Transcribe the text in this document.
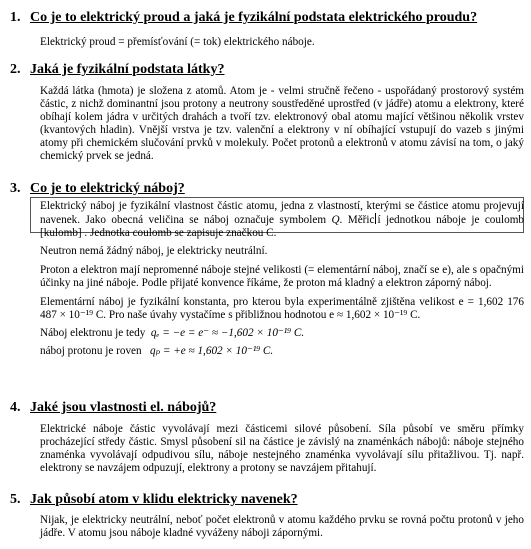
1. Co je to elektrický proud a jaká je fyzikální podstata elektrického proudu?

Elektrický proud = přemísťování (= tok) elektrického náboje.

2. Jaká je fyzikální podstata látky?

Každá látka (hmota) je složena z atomů. Atom je - velmi stručně řečeno - uspořádaný prostorový systém částic, z nichž dominantní jsou protony a neutrony soustředěné uprostřed (v jádře) atomu a elektrony, které obíhají kolem jádra v určitých drahách a tvoří tzv. elektronový obal atomu mající většinou několik vrstev (kvantových hladin). Vnější vrstva je tzv. valenční a elektrony v ní obíhající vstupují do vazeb s jinými atomy při chemickém slučování prvků v molekuly. Počet protonů a elektronů v atomu závisí na tom, o jaký chemický prvek se jedná.

3. Co je to elektrický náboj?

Elektrický náboj je fyzikální vlastnost částic atomu, jedna z vlastností, kterými se částice atomu projevují navenek. Jako obecná veličina se náboj označuje symbolem Q. Měřic í jednotkou náboje je coulomb [kulomb] . Jednotka coulomb se zapisuje značkou C.

Neutron nemá žádný náboj, je elektricky neutrální.

Proton a elektron mají nepromenné náboje stejné velikosti (= elementární náboj, značí se e), ale s opačnými účinky na jiné náboje. Podle přijaté konvence říkáme, že proton má kladný a elektron záporný náboj.

Elementární náboj je fyzikální konstanta, pro kterou byla experimentálně zjištěna velikost e = 1,602 176 487 × 10⁻¹⁹ C. Pro naše úvahy vystačíme s přibližnou hodnotou e ≈ 1,602 × 10⁻¹⁹ C.

Náboj elektronu je tedy qₑ = −e = e⁻ ≈ −1,602 × 10⁻¹⁹ C.

náboj protonu je roven qₚ = +e ≈ 1,602 × 10⁻¹⁹ C.

4. Jaké jsou vlastnosti el. nábojů?

Elektrické náboje částic vyvolávají mezi částicemi silové působení. Síla působí ve směru přímky procházející středy částic. Smysl působení sil na částice je závislý na znaménkách nábojů: náboje stejného znaménka vyvolávají odpudivou sílu, náboje nestejného znaménka vyvolávají sílu přitažlivou. Tj. např. elektrony se navzájem odpuzují, elektrony a protony se navzájem přitahují.

5. Jak působí atom v klidu elektricky navenek?

Nijak, je elektricky neutrální, neboť počet elektronů v atomu každého prvku se rovná počtu protonů v jeho jádře. V atomu jsou náboje kladné vyváženy náboji zápornými.
